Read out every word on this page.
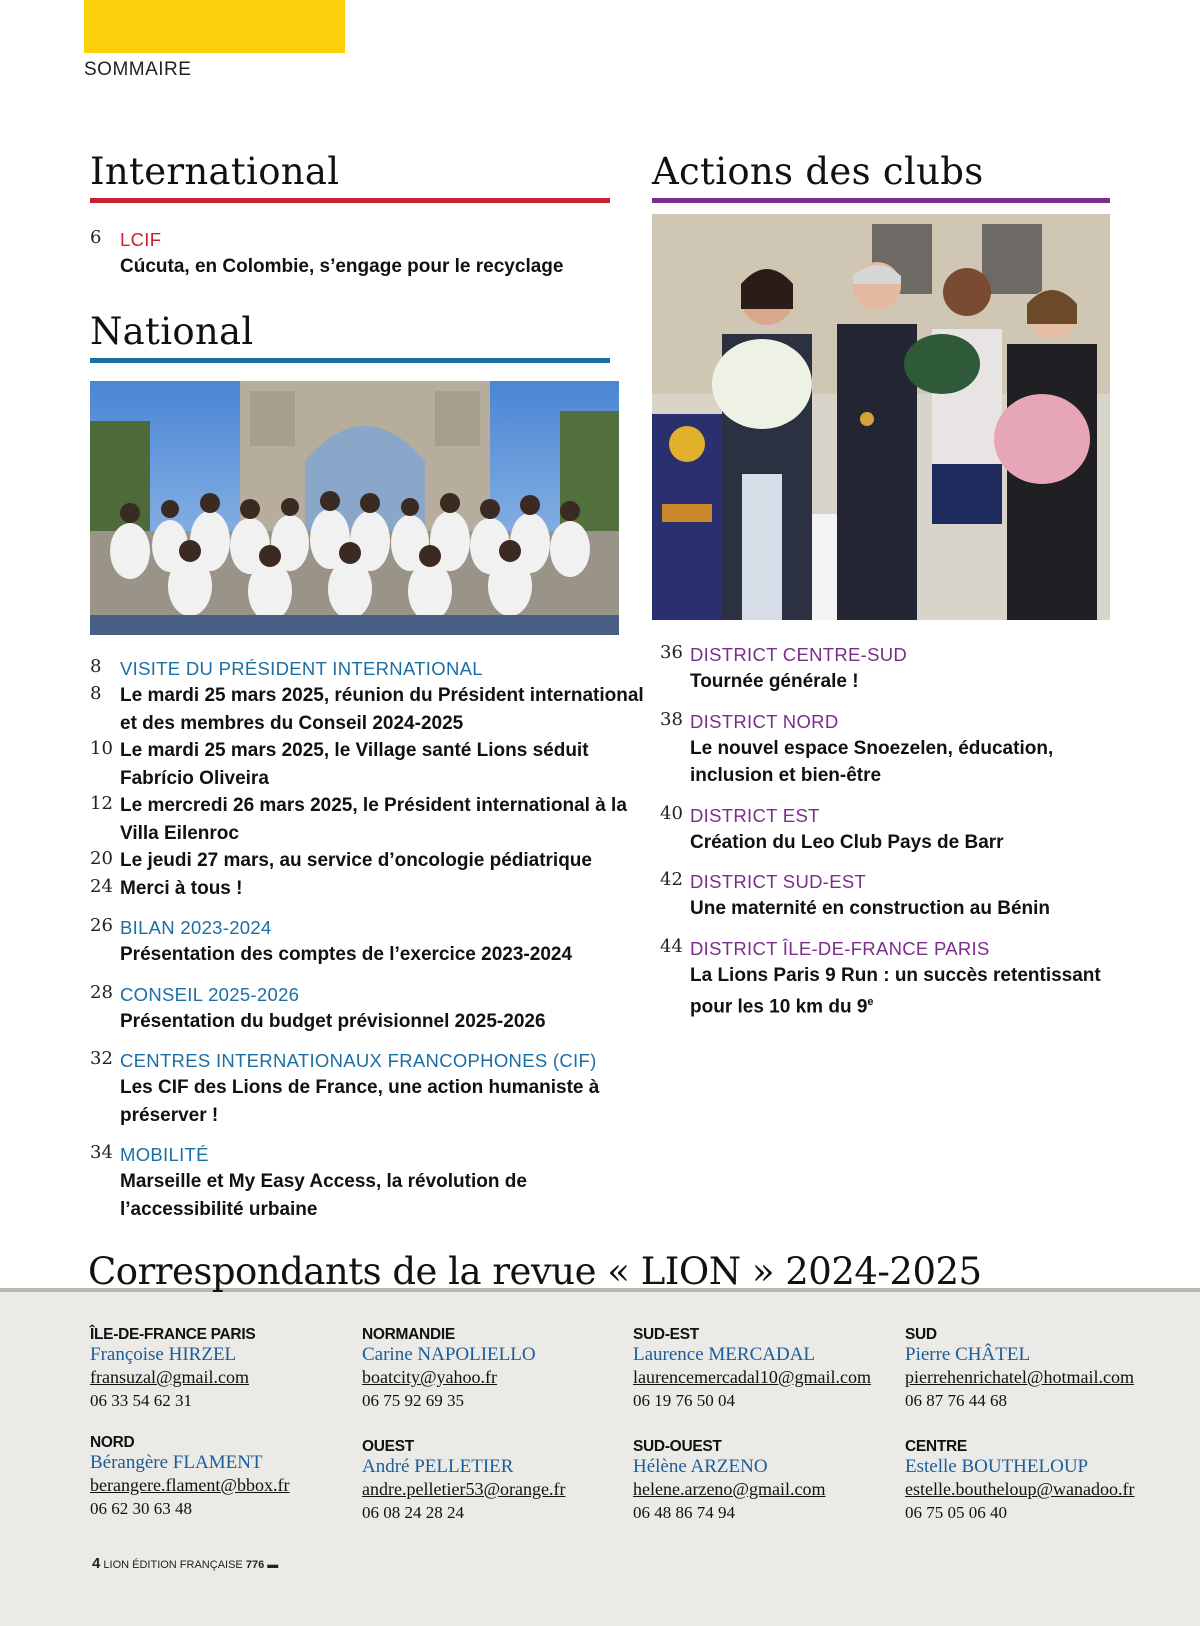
SOMMAIRE
International
6	LCIF
Cúcuta, en Colombie, s’engage pour le recyclage
National
8	VISITE DU PRÉSIDENT INTERNATIONAL
8 Le mardi 25 mars 2025, réunion du Président international et des membres du Conseil 2024-2025
10 Le mardi 25 mars 2025, le Village santé Lions séduit Fabrício Oliveira
12 Le mercredi 26 mars 2025, le Président international à la Villa Eilenroc
20 Le jeudi 27 mars, au service d’oncologie pédiatrique
24 Merci à tous !
26 BILAN 2023-2024
Présentation des comptes de l’exercice 2023-2024
28 CONSEIL 2025-2026
Présentation du budget prévisionnel 2025-2026
32 CENTRES INTERNATIONAUX FRANCOPHONES (CIF)
Les CIF des Lions de France, une action humaniste à préserver !
34 MOBILITÉ
Marseille et My Easy Access, la révolution de l’accessibilité urbaine
Actions des clubs
36 DISTRICT CENTRE-SUD
Tournée générale !
38 DISTRICT NORD
Le nouvel espace Snoezelen, éducation, inclusion et bien-être
40 DISTRICT EST
Création du Leo Club Pays de Barr
42 DISTRICT SUD-EST
Une maternité en construction au Bénin
44 DISTRICT ÎLE-DE-FRANCE PARIS
La Lions Paris 9 Run : un succès retentissant pour les 10 km du 9e
Correspondants de la revue « LION » 2024-2025
ÎLE-DE-FRANCE PARIS
Françoise HIRZEL
fransuzal@gmail.com
06 33 54 62 31
NORMANDIE
Carine NAPOLIELLO
boatcity@yahoo.fr
06 75 92 69 35
SUD-EST
Laurence MERCADAL
laurencemercadal10@gmail.com
06 19 76 50 04
SUD
Pierre CHÂTEL
pierrehenrichatel@hotmail.com
06 87 76 44 68
NORD
Bérangère FLAMENT
berangere.flament@bbox.fr
06 62 30 63 48
OUEST
André PELLETIER
andre.pelletier53@orange.fr
06 08 24 28 24
SUD-OUEST
Hélène ARZENO
helene.arzeno@gmail.com
06 48 86 74 94
CENTRE
Estelle BOUTHELOUP
estelle.boutheloup@wanadoo.fr
06 75 05 06 40
4 LION ÉDITION FRANÇAISE 776 ▬
